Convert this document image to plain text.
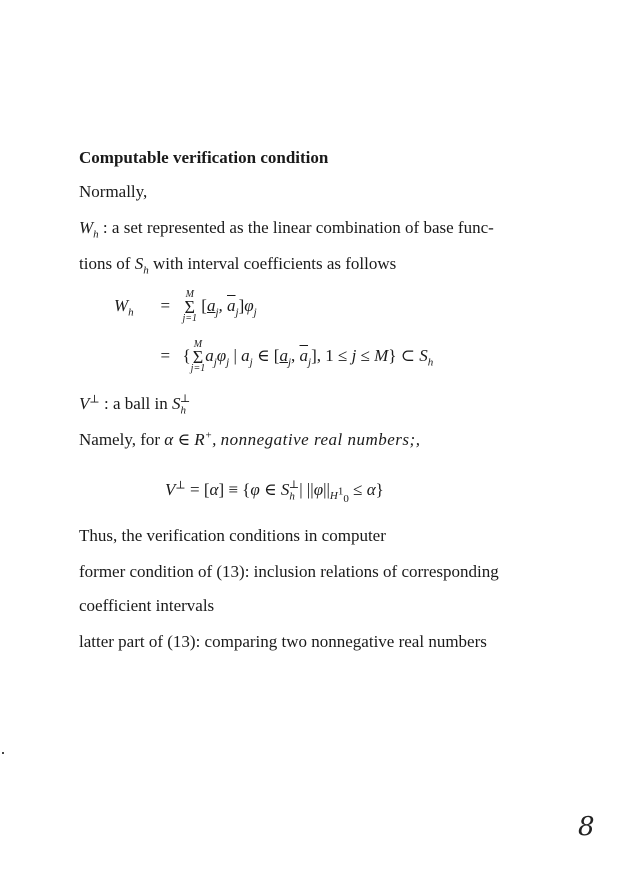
Computable verification condition
Normally,
$W_h$ : a set represented as the linear combination of base func-
tions of $S_h$ with interval coefficients as follows
$W_h$ =
M
Σ
j=1
[$a_j$, $\overline{a}_j]\varphi_j$
= {
M
Σ
j=1
$a_j\varphi_j$ | $a_j$ ∈ [$a_j$, $\overline{a}_j$], 1 ≤ j ≤ M} ⊂ $S_h$
V⊥ : a ball in $S_h^\perp$
Namely, for α ∈ R+, nonnegative real numbers;,
V⊥ = [α] ≡ {φ ∈ $S_h^\perp|$ $||\varphi||_{H^1_0} \le \alpha$}
Thus, the verification conditions in computer
former condition of (13): inclusion relations of corresponding
coefficient intervals
latter part of (13): comparing two nonnegative real numbers
8
